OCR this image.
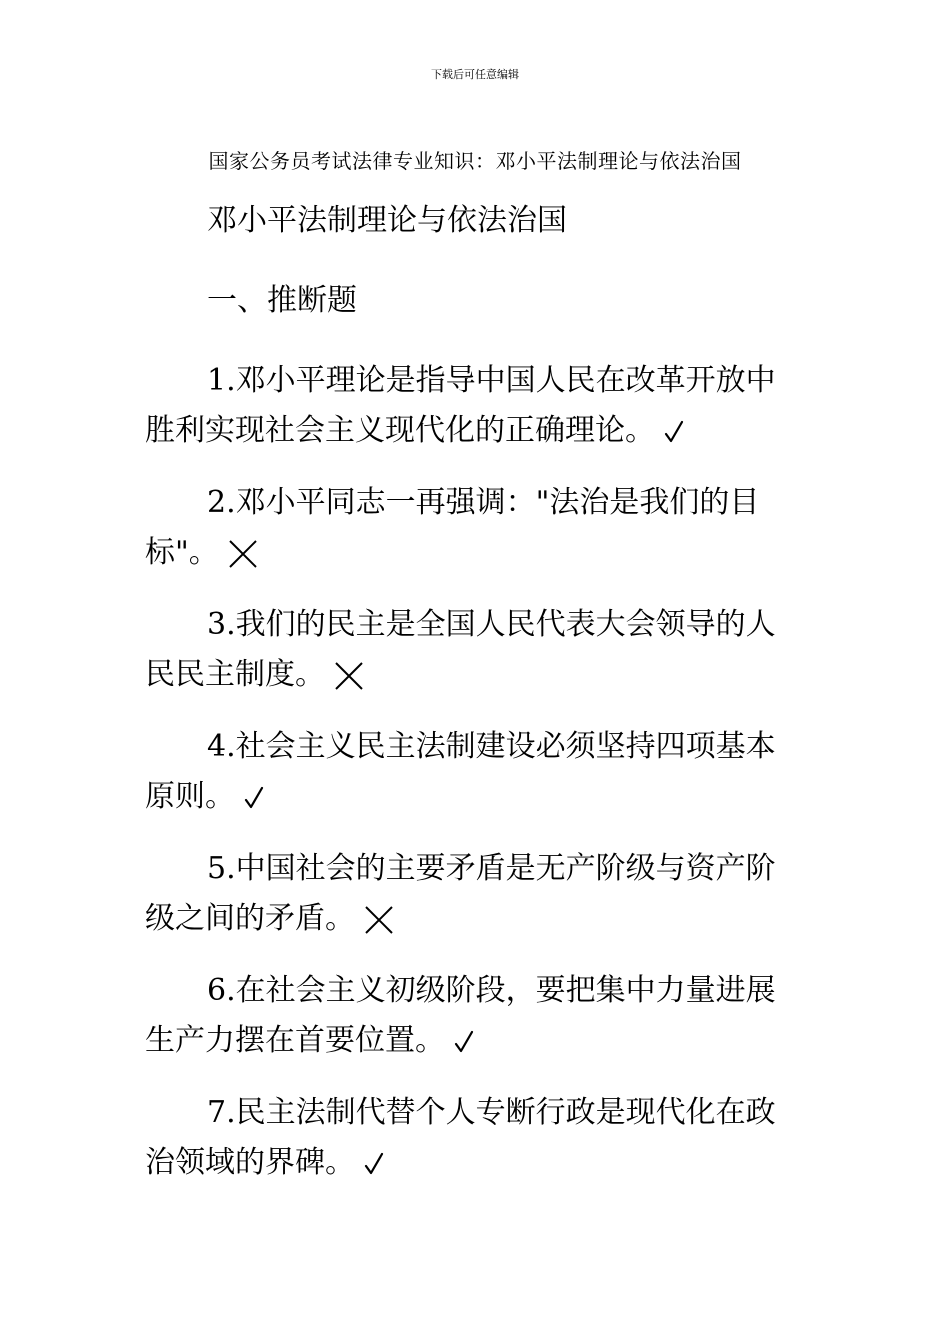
下载后可任意编辑
国家公务员考试法律专业知识：邓小平法制理论与依法治国
邓小平法制理论与依法治国
一、推断题
1.邓小平理论是指导中国人民在改革开放中胜利实现社会主义现代化的正确理论。
2.邓小平同志一再强调："法治是我们的目标"。
3.我们的民主是全国人民代表大会领导的人民民主制度。
4.社会主义民主法制建设必须坚持四项基本原则。
5.中国社会的主要矛盾是无产阶级与资产阶级之间的矛盾。
6.在社会主义初级阶段，要把集中力量进展生产力摆在首要位置。
7.民主法制代替个人专断行政是现代化在政治领域的界碑。
